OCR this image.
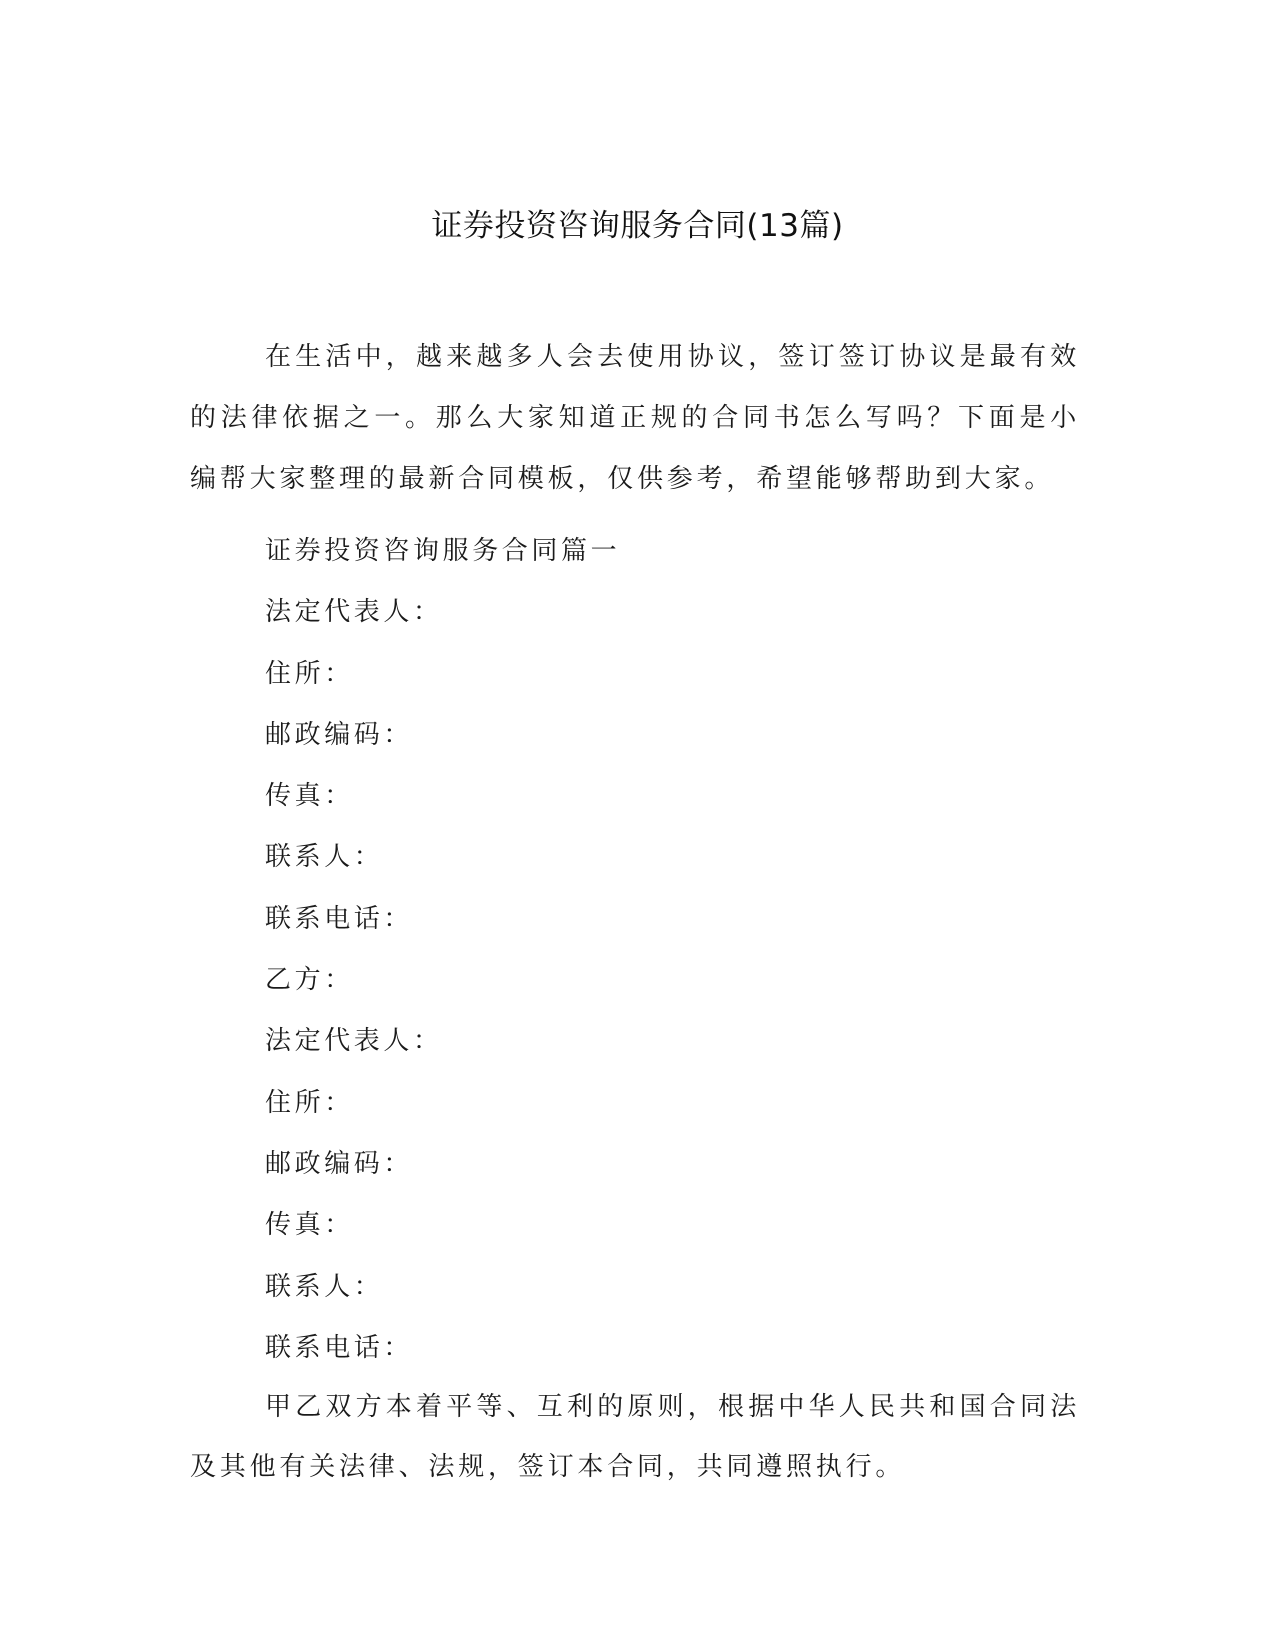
证券投资咨询服务合同(13篇)

在生活中，越来越多人会去使用协议，签订签订协议是最有效的法律依据之一。那么大家知道正规的合同书怎么写吗？下面是小编帮大家整理的最新合同模板，仅供参考，希望能够帮助到大家。

证券投资咨询服务合同篇一
法定代表人：
住所：
邮政编码：
传真：
联系人：
联系电话：
乙方：
法定代表人：
住所：
邮政编码：
传真：
联系人：
联系电话：

甲乙双方本着平等、互利的原则，根据中华人民共和国合同法及其他有关法律、法规，签订本合同，共同遵照执行。
